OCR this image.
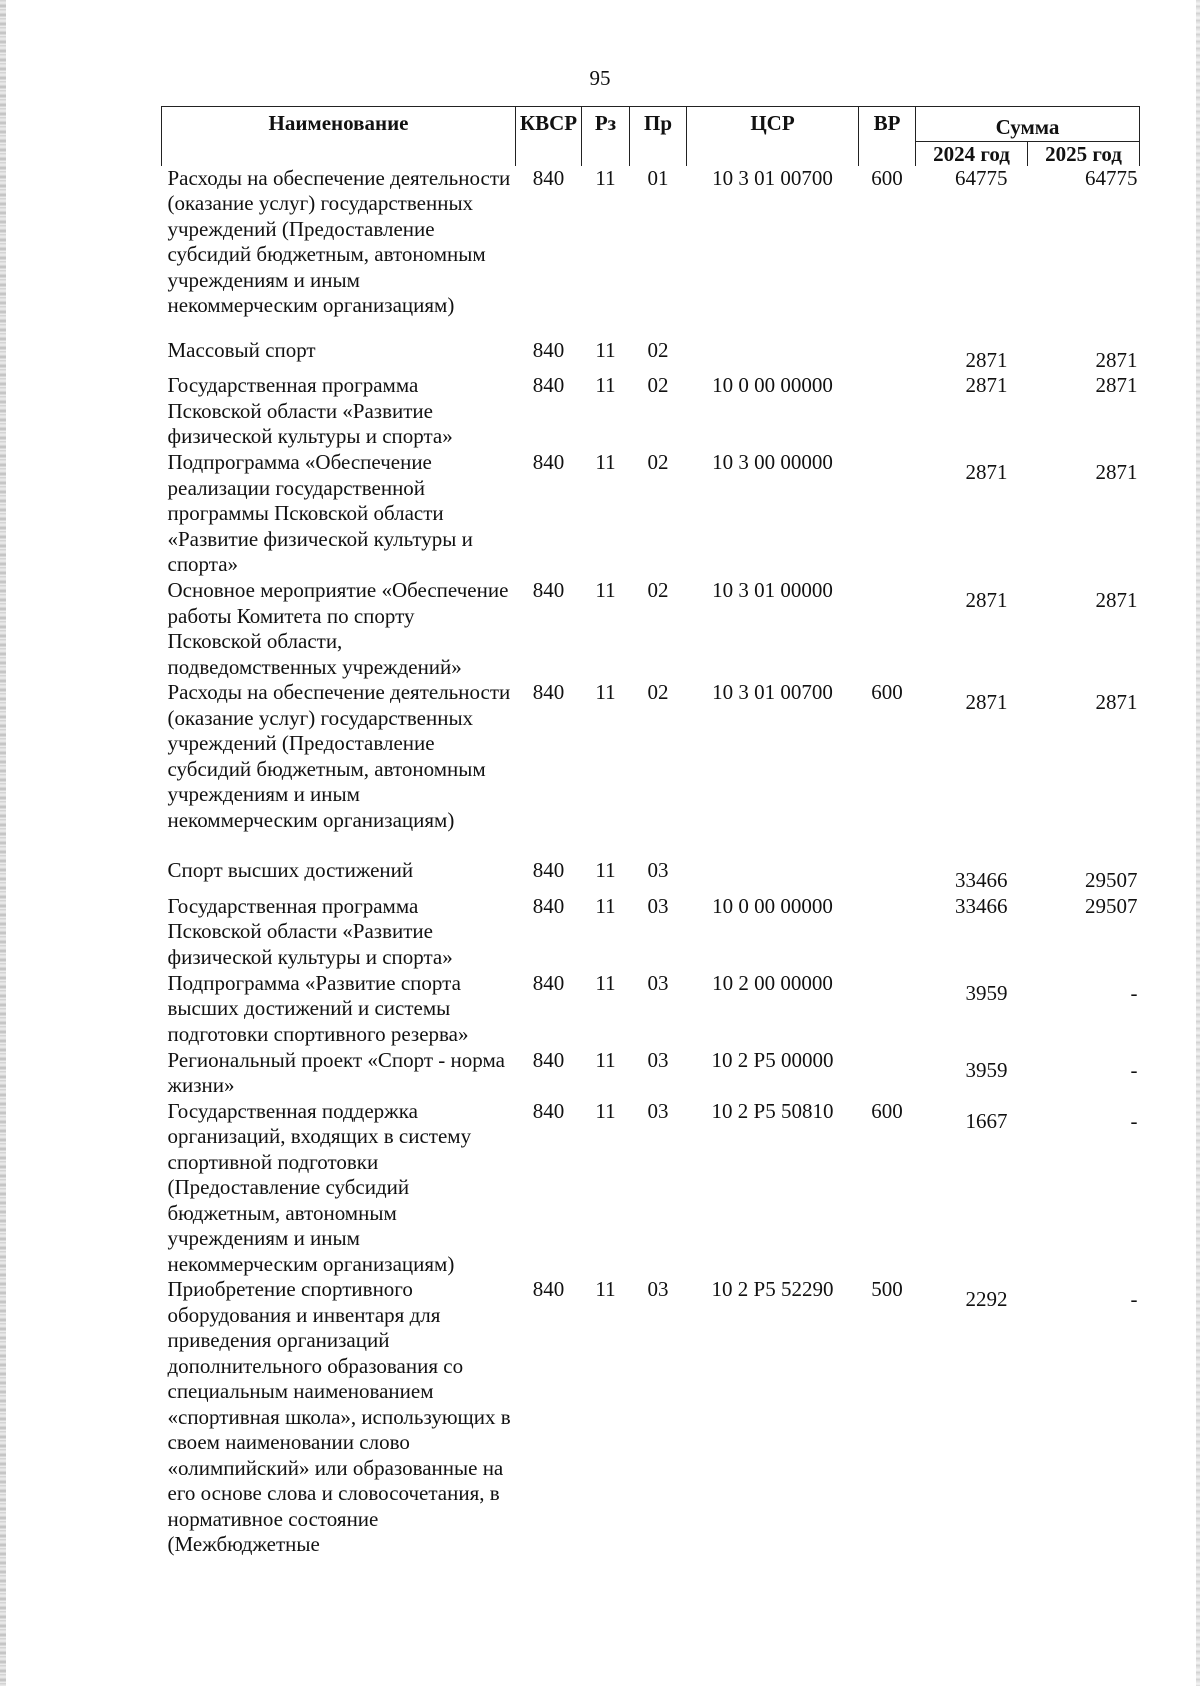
95
Наименование	КВСР	Рз	Пр	ЦСР	ВР	Сумма	
						2024 год	2025 год
Расходы на обеспечение деятельности (оказание услуг) государственных учреждений (Предоставление субсидий бюджетным, автономным учреждениям и иным некоммерческим организациям)	840	11	01	10 3 01 00700	600	64775	64775
Массовый спорт	840	11	02			2871	2871
Государственная программа Псковской области «Развитие физической культуры и спорта»	840	11	02	10 0 00 00000		2871	2871
Подпрограмма «Обеспечение реализации государственной программы Псковской области «Развитие физической культуры и спорта»	840	11	02	10 3 00 00000		2871	2871
Основное мероприятие «Обеспечение работы Комитета по спорту Псковской области, подведомственных учреждений»	840	11	02	10 3 01 00000		2871	2871
Расходы на обеспечение деятельности (оказание услуг) государственных учреждений (Предоставление субсидий бюджетным, автономным учреждениям и иным некоммерческим организациям)	840	11	02	10 3 01 00700	600	2871	2871
Спорт высших достижений	840	11	03			33466	29507
Государственная программа Псковской области «Развитие физической культуры и спорта»	840	11	03	10 0 00 00000		33466	29507
Подпрограмма «Развитие спорта высших достижений и системы подготовки спортивного резерва»	840	11	03	10 2 00 00000		3959	-
Региональный проект «Спорт - норма жизни»	840	11	03	10 2 P5 00000		3959	-
Государственная поддержка организаций, входящих в систему спортивной подготовки (Предоставление субсидий бюджетным, автономным учреждениям и иным некоммерческим организациям)	840	11	03	10 2 P5 50810	600	1667	-
Приобретение спортивного оборудования и инвентаря для приведения организаций дополнительного образования со специальным наименованием «спортивная школа», использующих в своем наименовании слово «олимпийский» или образованные на его основе слова и словосочетания, в нормативное состояние (Межбюджетные	840	11	03	10 2 P5 52290	500	2292	-
